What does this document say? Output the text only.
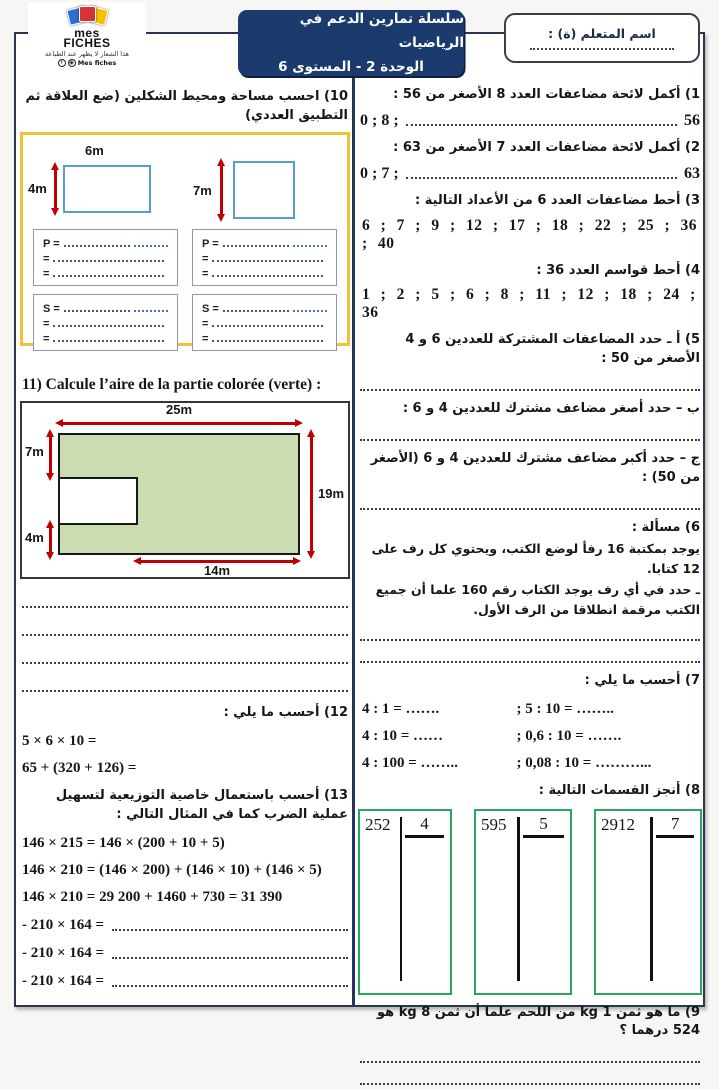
mes
FICHES
هذا الشعار لا يظهر عند الطباعة
f	◉ Mes fiches
سلسلة تمارين الدعم في الرياضيات
الوحدة 2 - المستوى 6
اسم المتعلم (ة) :
1) أكمل لائحة مضاعفات العدد 8 الأصغر من 56 :
0 ; 8 ;	56
2) أكمل لائحة مضاعفات العدد 7 الأصغر من 63 :
0 ; 7 ;	63
3) أحط مضاعفات العدد 6 من الأعداد التالية :
6 ; 7 ; 9 ; 12 ; 17 ; 18 ; 22 ; 25 ; 36 ; 40
4) أحط قواسم العدد 36 :
1 ; 2 ; 5 ; 6 ; 8 ; 11 ; 12 ; 18 ; 24 ; 36
5) أ ـ حدد المضاعفات المشتركة للعددين 6 و 4 الأصغر من 50 :
ب – حدد أصغر مضاعف مشترك للعددين 4 و 6 :
ج – حدد أكبر مضاعف مشترك للعددين 4 و 6 (الأصغر من 50) :
6) مسألة :
يوجد بمكتبة 16 رفأ لوضع الكتب، ويحتوي كل رف على 12 كتابا.
ـ حدد في أي رف يوجد الكتاب رقم 160 علما أن جميع الكتب مرقمة انطلاقا من الرف الأول.
7) أحسب ما يلي :
4 : 1 = …….	; 5 : 10 = ……..
4 : 10 = ……	; 0,6 : 10 = …….
4 : 100 = ……..	; 0,08 : 10 = ………...
8) أنجز القسمات التالية :
252	4	595	5	2912	7
9) ما هو ثمن 1 kg من اللحم علما أن ثمن 8 kg هو 524 درهما ؟
10) احسب مساحة ومحيط الشكلين (ضع العلاقة ثم التطبيق العددي)
6m
4m	7m
P =
=
=
P =
=
=
S =
=
=
S =
=
=
11) Calcule l’aire de la partie colorée (verte) :
25m
7m
4m
19m
14m
12) أحسب ما يلي :
5 × 6 × 10 =
65 + (320 + 126) =
13) أحسب باستعمال خاصية التوزيعية لتسهيل عملية الضرب كما في المثال التالي :
146 × 215 = 146 × (200 + 10 + 5)
146 × 210 = (146 × 200) + (146 × 10) + (146 × 5)
146 × 210 = 29 200 + 1460 + 730 = 31 390
- 210 × 164 =
- 210 × 164 =
- 210 × 164 =
